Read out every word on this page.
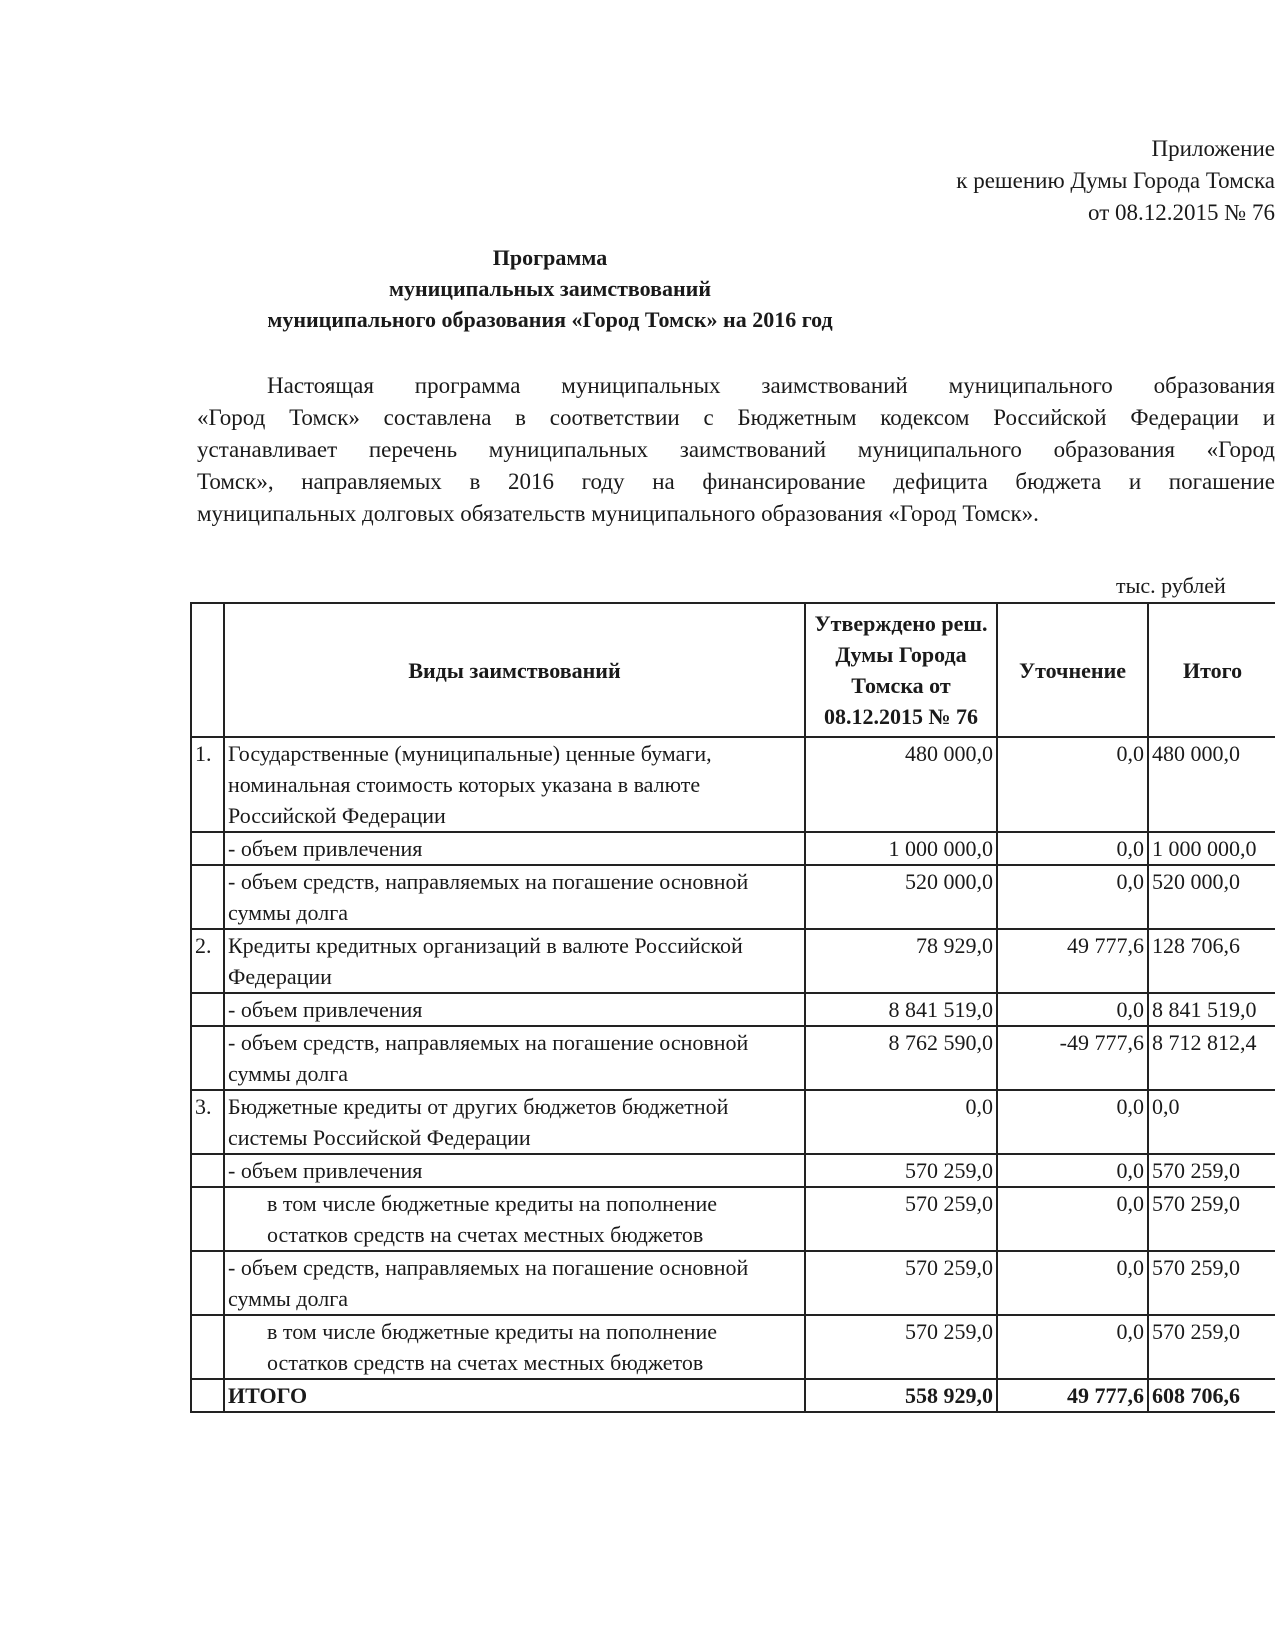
Приложение
к решению Думы Города Томска
от 08.12.2015 № 76
Программа
муниципальных заимствований
муниципального образования «Город Томск» на 2016 год
Настоящая программа муниципальных заимствований муниципального образования
«Город Томск» составлена в соответствии с Бюджетным кодексом Российской Федерации и
устанавливает перечень муниципальных заимствований муниципального образования «Город
Томск», направляемых в 2016 году на финансирование дефицита бюджета и погашение
муниципальных долговых обязательств муниципального образования «Город Томск».
тыс. рублей
	Виды заимствований	Утверждено реш. Думы Города Томска от 08.12.2015 № 76	Уточнение	Итого
1.	Государственные (муниципальные) ценные бумаги, номинальная стоимость которых указана в валюте Российской Федерации	480 000,0	0,0	480 000,0
	- объем привлечения	1 000 000,0	0,0	1 000 000,0
	- объем средств, направляемых на погашение основной суммы долга	520 000,0	0,0	520 000,0
2.	Кредиты кредитных организаций в валюте Российской Федерации	78 929,0	49 777,6	128 706,6
	- объем привлечения	8 841 519,0	0,0	8 841 519,0
	- объем средств, направляемых на погашение основной суммы долга	8 762 590,0	-49 777,6	8 712 812,4
3.	Бюджетные кредиты от других бюджетов бюджетной системы Российской Федерации	0,0	0,0	0,0
	- объем привлечения	570 259,0	0,0	570 259,0
	в том числе бюджетные кредиты на пополнение остатков средств на счетах местных бюджетов	570 259,0	0,0	570 259,0
	- объем средств, направляемых на погашение основной суммы долга	570 259,0	0,0	570 259,0
	в том числе бюджетные кредиты на пополнение остатков средств на счетах местных бюджетов	570 259,0	0,0	570 259,0
	ИТОГО	558 929,0	49 777,6	608 706,6
